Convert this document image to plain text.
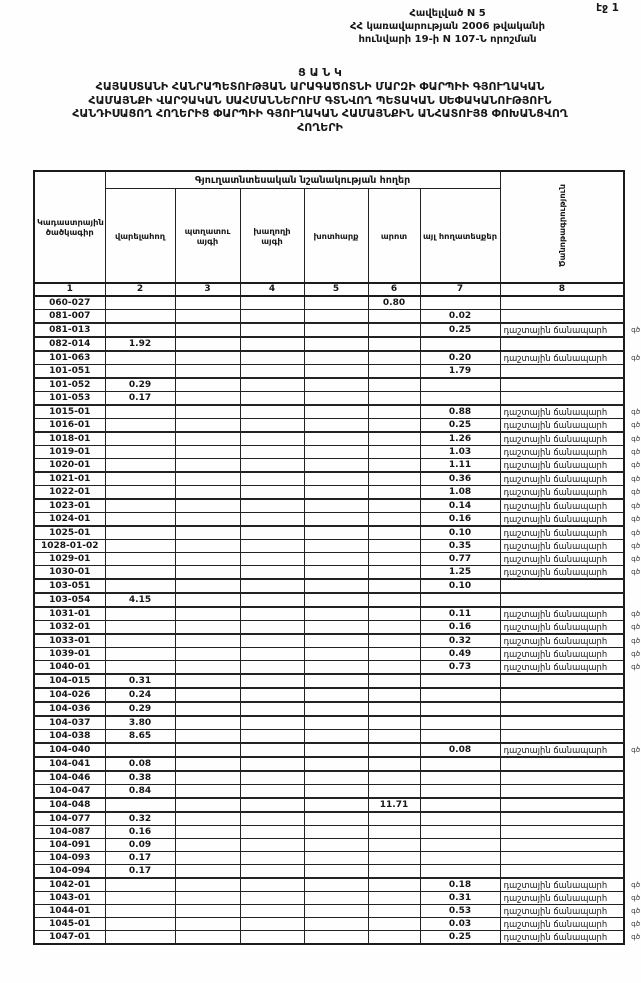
էջ 1
Հավելված N 5
ՀՀ կառավարության 2006 թվականի
հունվարի 19-ի N 107-Ն որոշման
Ց Ա Ն Կ
ՀԱՅԱՍՏԱՆԻ ՀԱՆՐԱՊԵՏՈՒԹՅԱՆ ԱՐԱԳԱԾՈՏՆԻ ՄԱՐԶԻ ՓԱՐՊԻԻ ԳՅՈՒՂԱԿԱՆ
ՀԱՄԱՅՆՔԻ ՎԱՐՉԱԿԱՆ ՍԱՀՄԱՆՆԵՐՈՒՄ ԳՏՆՎՈՂ ՊԵՏԱԿԱՆ ՍԵՓԱԿԱՆՈՒԹՅՈՒՆ
ՀԱՆԴԻՍԱՑՈՂ ՀՈՂԵՐԻՑ ՓԱՐՊԻԻ ԳՅՈՒՂԱԿԱՆ ՀԱՄԱՅՆՔԻՆ ԱՆՀԱՏՈՒՅՑ ՓՈԽԱՆՑՎՈՂ
ՀՈՂԵՐԻ
Կադաստրային ծածկագիր	Գյուղատնտեսական նշանակության հողեր						Ծանոթագրություն
	վարելահող	պտղատու այգի	խաղողի այգի	խոտհարք	արոտ	այլ հողատեսքեր	
1	2	3	4	5	6	7	8
060-027					0.80		
081-007						0.02	
081-013						0.25	դաշտային ճանապարհ գծ

082-014	1.92						
101-063						0.20	դաշտային ճանապարհ գծ

101-051						1.79	
101-052	0.29						
101-053	0.17						
1015-01						0.88	դաշտային ճանապարհ գծ

1016-01						0.25	դաշտային ճանապարհ գծ

1018-01						1.26	դաշտային ճանապարհ գծ

1019-01						1.03	դաշտային ճանապարհ գծ

1020-01						1.11	դաշտային ճանապարհ գծ

1021-01						0.36	դաշտային ճանապարհ գծ

1022-01						1.08	դաշտային ճանապարհ գծ

1023-01						0.14	դաշտային ճանապարհ գծ

1024-01						0.16	դաշտային ճանապարհ գծ

1025-01						0.10	դաշտային ճանապարհ գծ

1028-01-02						0.35	դաշտային ճանապարհ գծ

1029-01						0.77	դաշտային ճանապարհ գծ

1030-01						1.25	դաշտային ճանապարհ գծ

103-051						0.10	
103-054	4.15						
1031-01						0.11	դաշտային ճանապարհ գծ

1032-01						0.16	դաշտային ճանապարհ գծ

1033-01						0.32	դաշտային ճանապարհ գծ

1039-01						0.49	դաշտային ճանապարհ գծ

1040-01						0.73	դաշտային ճանապարհ գծ

104-015	0.31						
104-026	0.24						
104-036	0.29						
104-037	3.80						
104-038	8.65						
104-040						0.08	դաշտային ճանապարհ գծ

104-041	0.08						
104-046	0.38						
104-047	0.84						
104-048					11.71		
104-077	0.32						
104-087	0.16						
104-091	0.09						
104-093	0.17						
104-094	0.17						
1042-01						0.18	դաշտային ճանապարհ գծ

1043-01						0.31	դաշտային ճանապարհ գծ

1044-01						0.53	դաշտային ճանապարհ գծ

1045-01						0.03	դաշտային ճանապարհ գծ

1047-01						0.25	դաշտային ճանապարհ գծ
